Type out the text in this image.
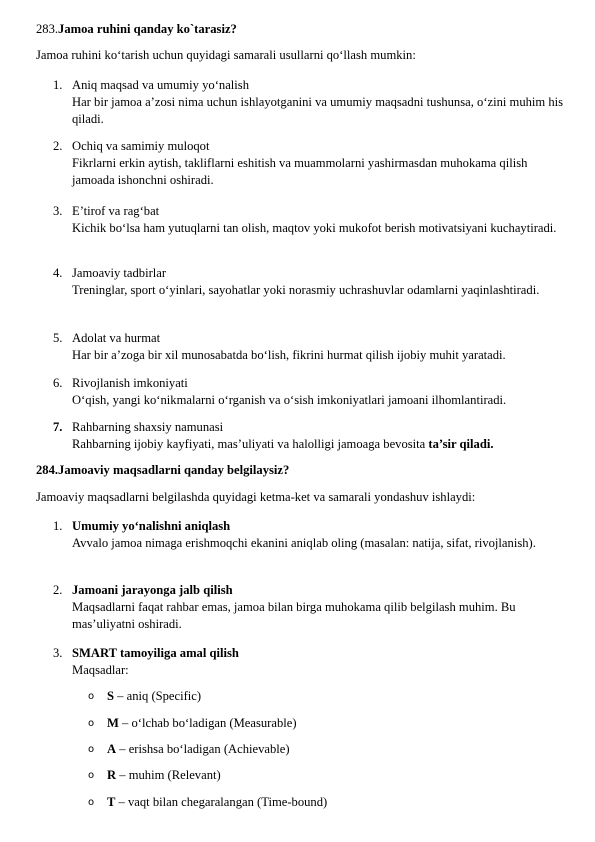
283.Jamoa ruhini qanday ko`tarasiz?
Jamoa ruhini ko‘tarish uchun quyidagi samarali usullarni qo‘llash mumkin:
1. Aniq maqsad va umumiy yo‘nalish
Har bir jamoa a’zosi nima uchun ishlayotganini va umumiy maqsadni tushunsa, o‘zini muhim his qiladi.
2. Ochiq va samimiy muloqot
Fikrlarni erkin aytish, takliflarni eshitish va muammolarni yashirmasdan muhokama qilish jamoada ishonchni oshiradi.
3. E’tirof va rag‘bat
Kichik bo‘lsa ham yutuqlarni tan olish, maqtov yoki mukofot berish motivatsiyani kuchaytiradi.
4. Jamoaviy tadbirlar
Treninglar, sport o‘yinlari, sayohatlar yoki norasmiy uchrashuvlar odamlarni yaqinlashtiradi.
5. Adolat va hurmat
Har bir a’zoga bir xil munosabatda bo‘lish, fikrini hurmat qilish ijobiy muhit yaratadi.
6. Rivojlanish imkoniyati
O‘qish, yangi ko‘nikmalarni o‘rganish va o‘sish imkoniyatlari jamoani ilhomlantiradi.
7. Rahbarning shaxsiy namunasi
Rahbarning ijobiy kayfiyati, mas’uliyati va halolligi jamoaga bevosita ta’sir qiladi.
284.Jamoaviy maqsadlarni qanday belgilaysiz?
Jamoaviy maqsadlarni belgilashda quyidagi ketma-ket va samarali yondashuv ishlaydi:
1. Umumiy yo‘nalishni aniqlash
Avvalo jamoa nimaga erishmoqchi ekanini aniqlab oling (masalan: natija, sifat, rivojlanish).
2. Jamoani jarayonga jalb qilish
Maqsadlarni faqat rahbar emas, jamoa bilan birga muhokama qilib belgilash muhim. Bu mas’uliyatni oshiradi.
3. SMART tamoyiliga amal qilish
Maqsadlar:
o S – aniq (Specific)
o M – o‘lchab bo‘ladigan (Measurable)
o A – erishsa bo‘ladigan (Achievable)
o R – muhim (Relevant)
o T – vaqt bilan chegaralangan (Time-bound)
